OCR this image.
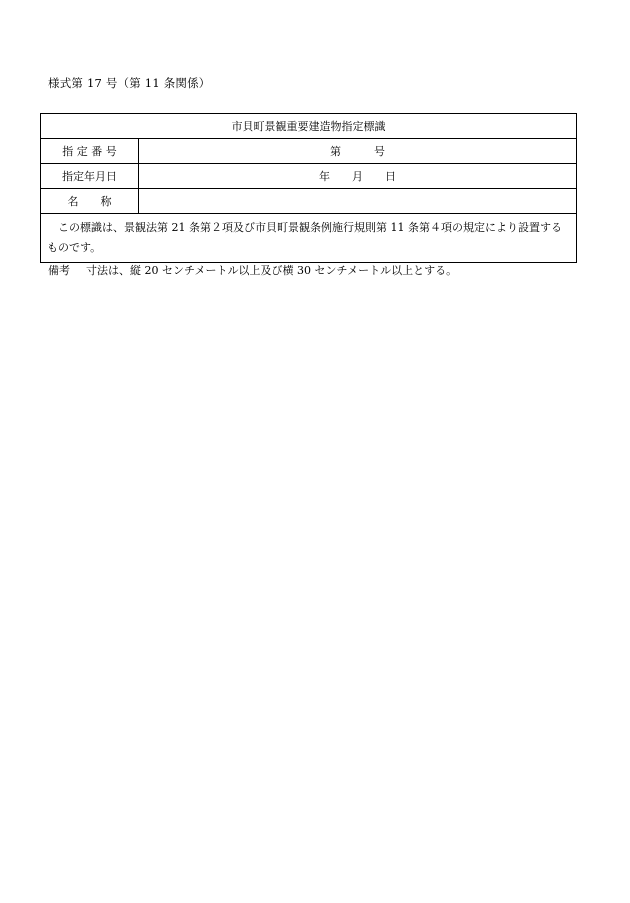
様式第 17 号（第 11 条関係）
市貝町景観重要建造物指定標識	
指 定 番 号	第　　　号
指定年月日	年　　月　　日
名　　称	
この標識は、景観法第 21 条第２項及び市貝町景観条例施行規則第 11 条第４項の規定により設置するものです。	
備考 寸法は、縦 20 センチメートル以上及び横 30 センチメートル以上とする。
